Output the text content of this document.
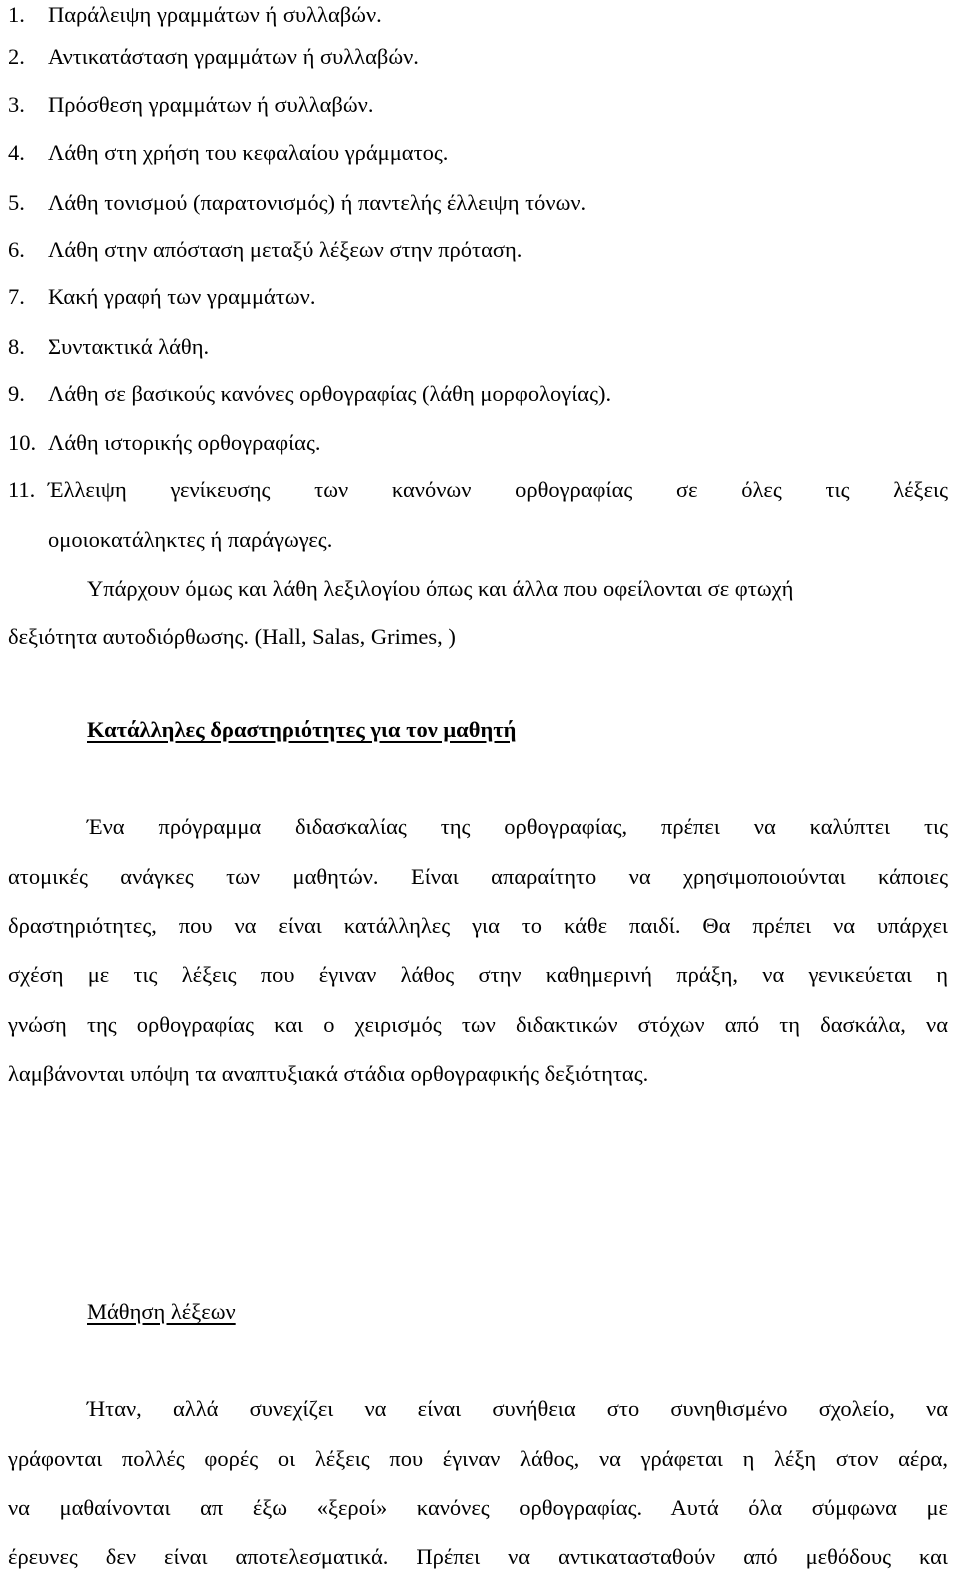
1. Παράλειψη γραμμάτων ή συλλαβών.
2. Αντικατάσταση γραμμάτων ή συλλαβών.
3. Πρόσθεση γραμμάτων ή συλλαβών.
4. Λάθη στη χρήση του κεφαλαίου γράμματος.
5. Λάθη τονισμού (παρατονισμός) ή παντελής έλλειψη τόνων.
6. Λάθη στην απόσταση μεταξύ λέξεων στην πρόταση.
7. Κακή γραφή των γραμμάτων.
8. Συντακτικά λάθη.
9. Λάθη σε βασικούς κανόνες ορθογραφίας (λάθη μορφολογίας).
10. Λάθη ιστορικής ορθογραφίας.
11. Έλλειψη γενίκευσης των κανόνων ορθογραφίας σε όλες τις λέξεις
ομοιοκατάληκτες ή παράγωγες.
Υπάρχουν όμως και λάθη λεξιλογίου όπως και άλλα που οφείλονται σε φτωχή
δεξιότητα αυτοδιόρθωσης. (Hall, Salas, Grimes, )
Κατάλληλες δραστηριότητες για τον μαθητή
Ένα πρόγραμμα διδασκαλίας της ορθογραφίας, πρέπει να καλύπτει τις
ατομικές ανάγκες των μαθητών. Είναι απαραίτητο να χρησιμοποιούνται κάποιες
δραστηριότητες, που να είναι κατάλληλες για το κάθε παιδί. Θα πρέπει να υπάρχει
σχέση με τις λέξεις που έγιναν λάθος στην καθημερινή πράξη, να γενικεύεται η
γνώση της ορθογραφίας και ο χειρισμός των διδακτικών στόχων από τη δασκάλα, να
λαμβάνονται υπόψη τα αναπτυξιακά στάδια ορθογραφικής δεξιότητας.
Μάθηση λέξεων
Ήταν, αλλά συνεχίζει να είναι συνήθεια στο συνηθισμένο σχολείο, να
γράφονται πολλές φορές οι λέξεις που έγιναν λάθος, να γράφεται η λέξη στον αέρα,
να μαθαίνονται απ έξω «ξεροί» κανόνες ορθογραφίας. Αυτά όλα σύμφωνα με
έρευνες δεν είναι αποτελεσματικά. Πρέπει να αντικατασταθούν από μεθόδους και
